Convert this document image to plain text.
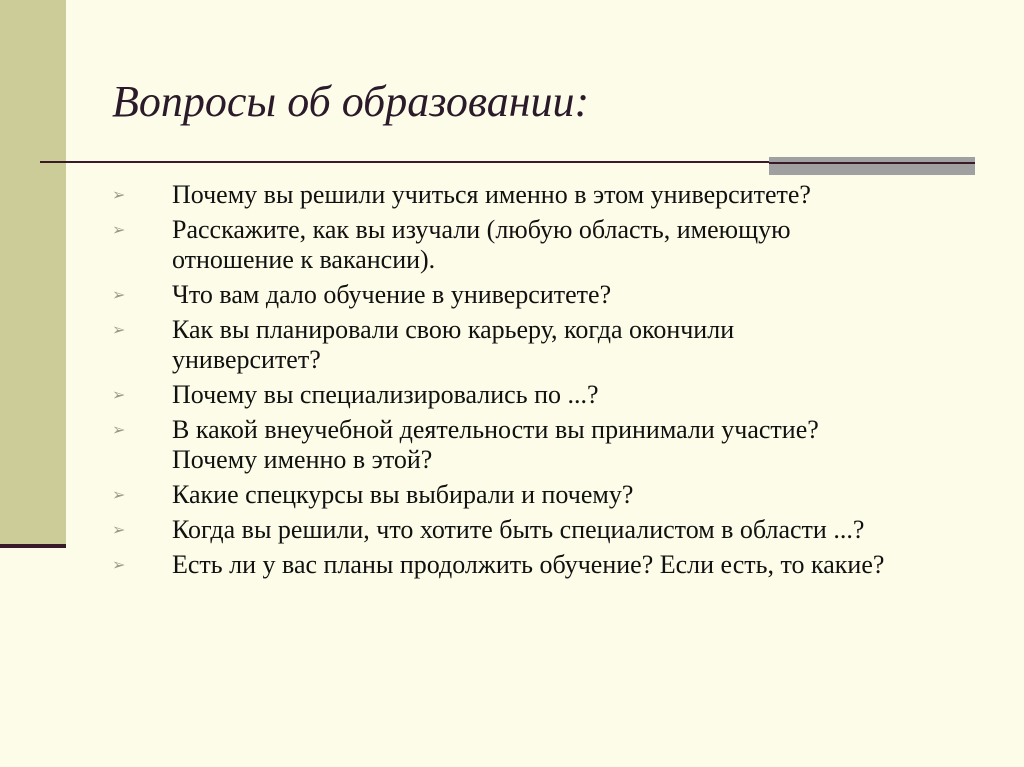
Вопросы об образовании:
➢ Почему вы решили учиться именно в этом университете?
➢ Расскажите, как вы изучали (любую область, имеющую
отношение к вакансии).
➢ Что вам дало обучение в университете?
➢ Как вы планировали свою карьеру, когда окончили
университет?
➢ Почему вы специализировались по ...?
➢ В какой внеучебной деятельности вы принимали участие?
Почему именно в этой?
➢ Какие спецкурсы вы выбирали и почему?
➢ Когда вы решили, что хотите быть специалистом в области ...?
➢ Есть ли у вас планы продолжить обучение? Если есть, то какие?
